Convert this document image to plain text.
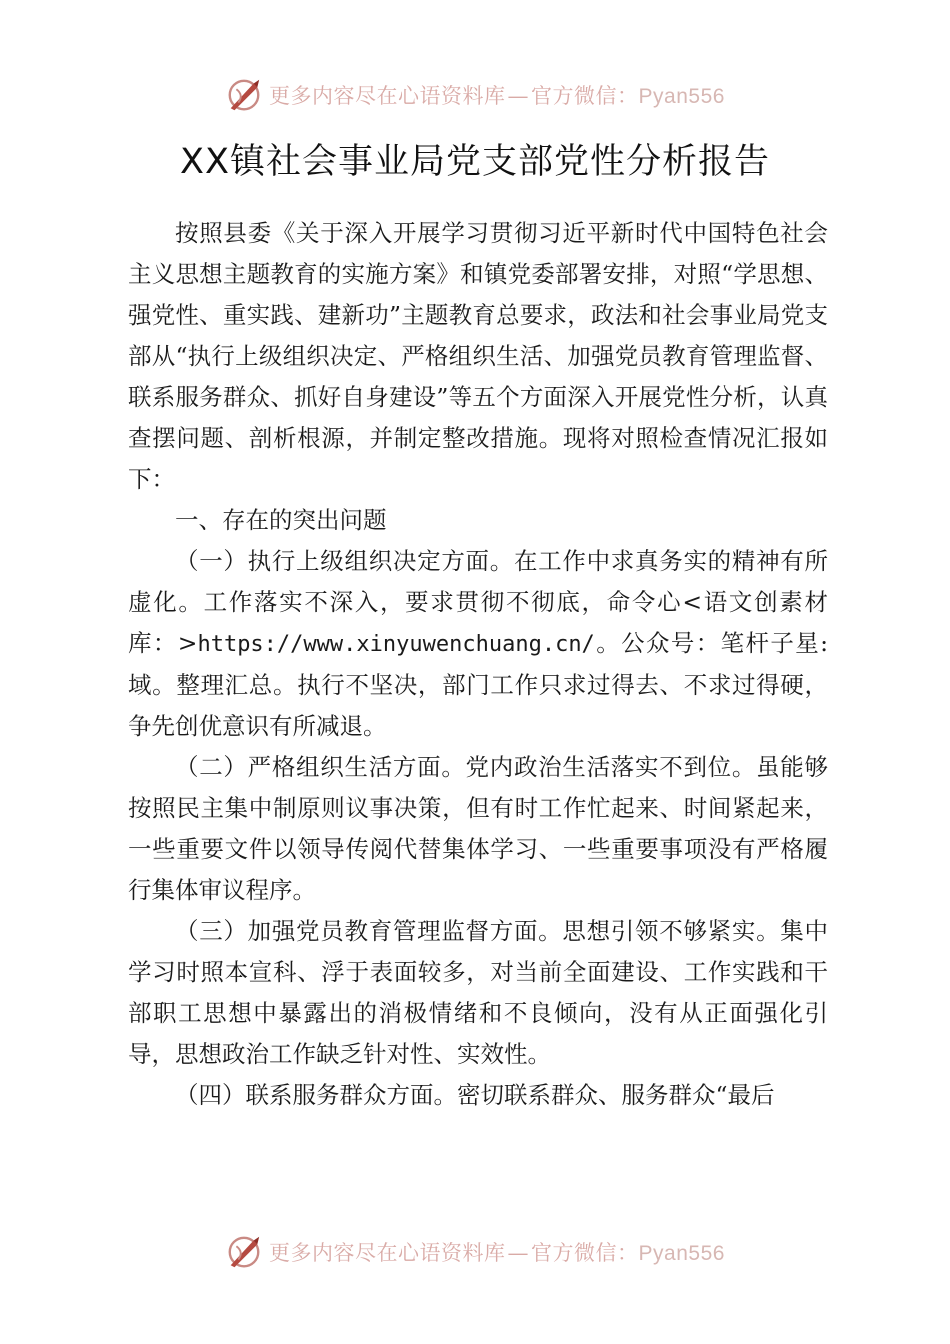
更多内容尽在心语资料库—官方微信：Pyan556
XX镇社会事业局党支部党性分析报告

按照县委《关于深入开展学习贯彻习近平新时代中国特色社会主义思想主题教育的实施方案》和镇党委部署安排，对照“学思想、强党性、重实践、建新功”主题教育总要求，政法和社会事业局党支部从“执行上级组织决定、严格组织生活、加强党员教育管理监督、联系服务群众、抓好自身建设”等五个方面深入开展党性分析，认真查摆问题、剖析根源，并制定整改措施。现将对照检查情况汇报如下：

一、存在的突出问题

（一）执行上级组织决定方面。在工作中求真务实的精神有所虚化。工作落实不深入，要求贯彻不彻底，命令心<语文创素材库：>https://www.xinyuwenchuang.cn/。公众号：笔杆子星:域。整理汇总。执行不坚决，部门工作只求过得去、不求过得硬，争先创优意识有所减退。

（二）严格组织生活方面。党内政治生活落实不到位。虽能够按照民主集中制原则议事决策，但有时工作忙起来、时间紧起来，一些重要文件以领导传阅代替集体学习、一些重要事项没有严格履行集体审议程序。

（三）加强党员教育管理监督方面。思想引领不够紧实。集中学习时照本宣科、浮于表面较多，对当前全面建设、工作实践和干部职工思想中暴露出的消极情绪和不良倾向，没有从正面强化引导，思想政治工作缺乏针对性、实效性。

（四）联系服务群众方面。密切联系群众、服务群众“最后

更多内容尽在心语资料库—官方微信：Pyan556
